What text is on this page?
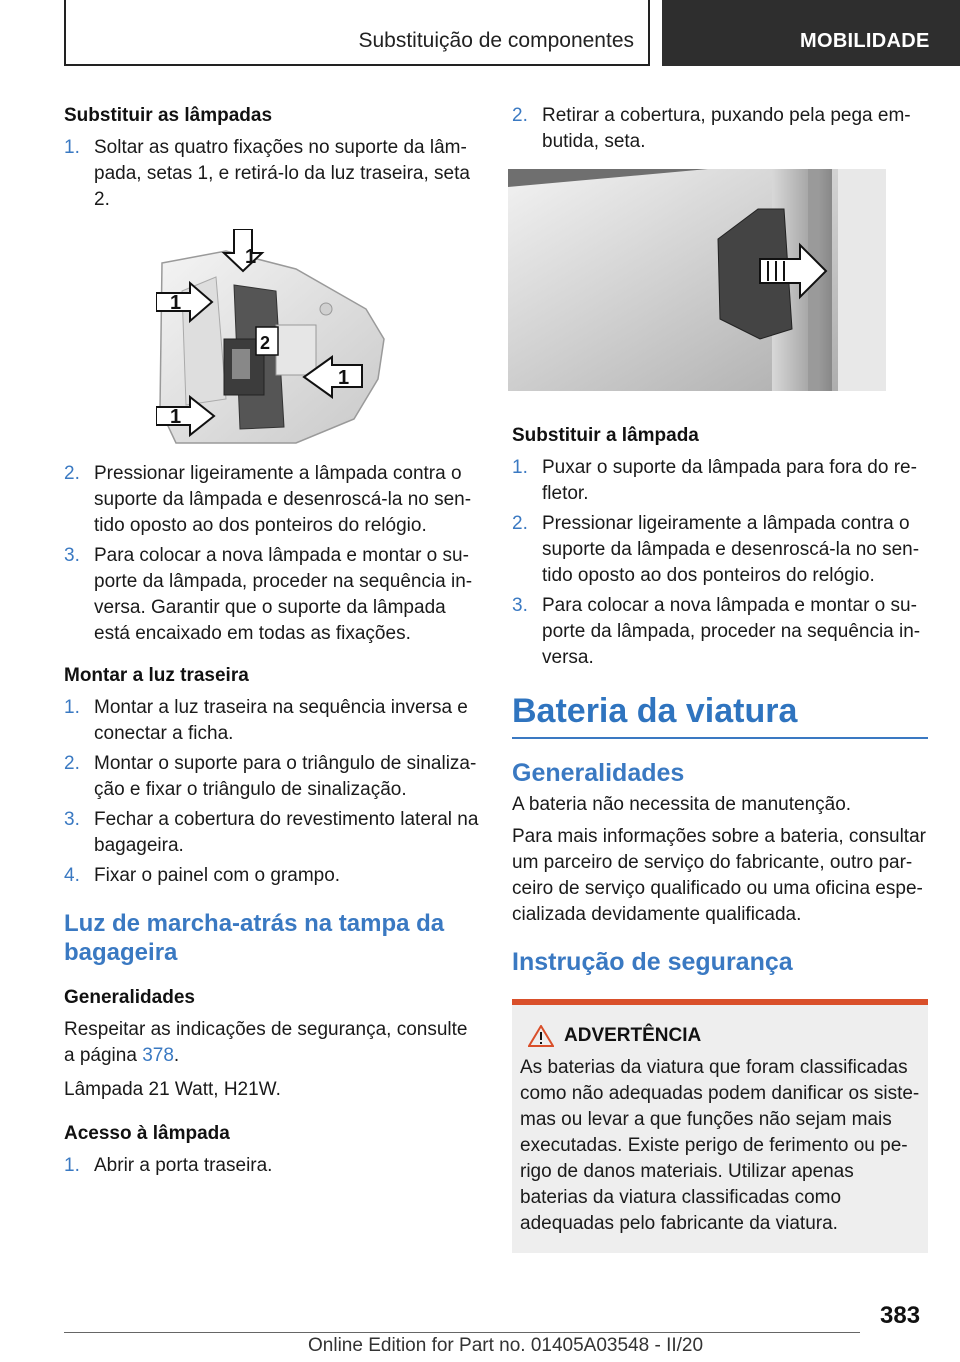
Substituição de componentes	MOBILIDADE
Substituir as lâmpadas
1. Soltar as quatro fixações no suporte da lâm-pada, setas 1, e retirá-lo da luz traseira, seta 2.
1
1
1
1
2
2. Pressionar ligeiramente a lâmpada contra o suporte da lâmpada e desenroscá-la no sen-tido oposto ao dos ponteiros do relógio.
3. Para colocar a nova lâmpada e montar o su-porte da lâmpada, proceder na sequência in-versa. Garantir que o suporte da lâmpada está encaixado em todas as fixações.
Montar a luz traseira
1. Montar a luz traseira na sequência inversa e conectar a ficha.
2. Montar o suporte para o triângulo de sinaliza-ção e fixar o triângulo de sinalização.
3. Fechar a cobertura do revestimento lateral na bagageira.
4. Fixar o painel com o grampo.
Luz de marcha-atrás na tampa da bagageira
Generalidades
Respeitar as indicações de segurança, consulte a página 378.
Lâmpada 21 Watt, H21W.
Acesso à lâmpada
1. Abrir a porta traseira.
2. Retirar a cobertura, puxando pela pega em-butida, seta.
Substituir a lâmpada
1. Puxar o suporte da lâmpada para fora do re-fletor.
2. Pressionar ligeiramente a lâmpada contra o suporte da lâmpada e desenroscá-la no sen-tido oposto ao dos ponteiros do relógio.
3. Para colocar a nova lâmpada e montar o su-porte da lâmpada, proceder na sequência in-versa.
Bateria da viatura
Generalidades
A bateria não necessita de manutenção.
Para mais informações sobre a bateria, consultar um parceiro de serviço do fabricante, outro par-ceiro de serviço qualificado ou uma oficina espe-cializada devidamente qualificada.
Instrução de segurança
ADVERTÊNCIA
As baterias da viatura que foram classificadas como não adequadas podem danificar os siste-mas ou levar a que funções não sejam mais executadas. Existe perigo de ferimento ou pe-rigo de danos materiais. Utilizar apenas baterias da viatura classificadas como adequadas pelo fabricante da viatura.
383
Online Edition for Part no. 01405A03548 - II/20
